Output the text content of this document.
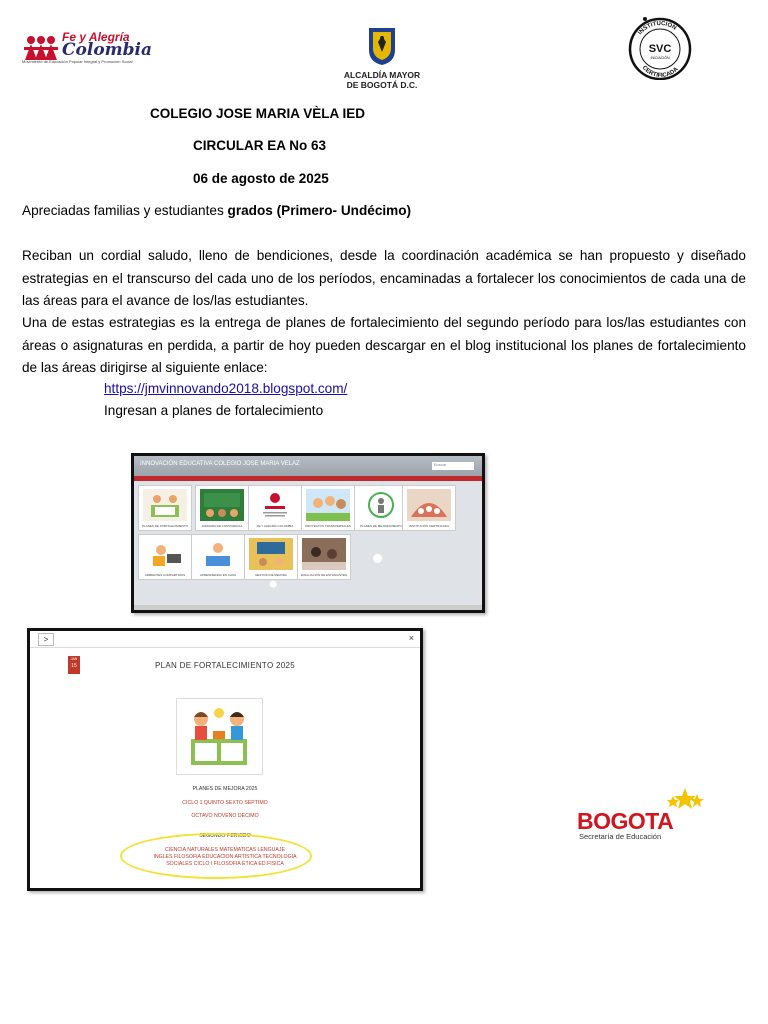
Fe y Alegría
Colombia
Movimiento de Educación Popular Integral y Promoción Social
ALCALDÍA MAYOR
DE BOGOTÁ D.C.
SVC
INICIACIÓN
INSTITUCIÓN
CERTIFICADA
COLEGIO JOSE MARIA VÈLA IED
CIRCULAR EA No 63
06 de agosto de 2025
Apreciadas familias y estudiantes grados (Primero- Undécimo)
Reciban un cordial saludo, lleno de bendiciones, desde la coordinación académica se han propuesto y diseñado estrategias en el transcurso del cada uno de los períodos, encaminadas a fortalecer los conocimientos de cada una de las áreas para el avance de los/las estudiantes.
Una de estas estrategias es la entrega de planes de fortalecimiento del segundo período para los/las estudiantes con áreas o asignaturas en perdida, a partir de hoy pueden descargar en el blog institucional los planes de fortalecimiento de las áreas dirigirse al siguiente enlace:
https://jmvinnovando2018.blogspot.com/
Ingresan a planes de fortalecimiento
INNOVACIÓN EDUCATIVA COLEGIO JOSE MARIA VELAZ	Buscar
PLANES DE FORTALECIMIENTO	JORNADA DE CONVIVENCIA	FE Y ALEGRÍA COLOMBIA	PROYECTOS TRANSVERSALES	PLANES DE MEJORAMIENTO	INSTITUCIÓN CERTIFICADA
AMBIENTES COMPARTIDOS	APRENDIENDO EN CASA	GESTIÓN DE MEJORA	EVALUACIÓN DE ESTUDIANTES
>	×
JAN
15	PLAN DE FORTALECIMIENTO 2025
PLANES DE MEJORA 2025
CICLO 1 QUINTO SEXTO SEPTIMO
OCTAVO NOVENO DECIMO
SEGUNDO PERIODO
CIENCIA NATURALES MATEMATICAS LENGUAJE
INGLES FILOSOFIA EDUCACION ARTISTICA TECNOLOGIA
SOCIALES CICLO I FILOSOFIA ETICA ED.FISICA
BOGOTA
Secretaría de Educación
